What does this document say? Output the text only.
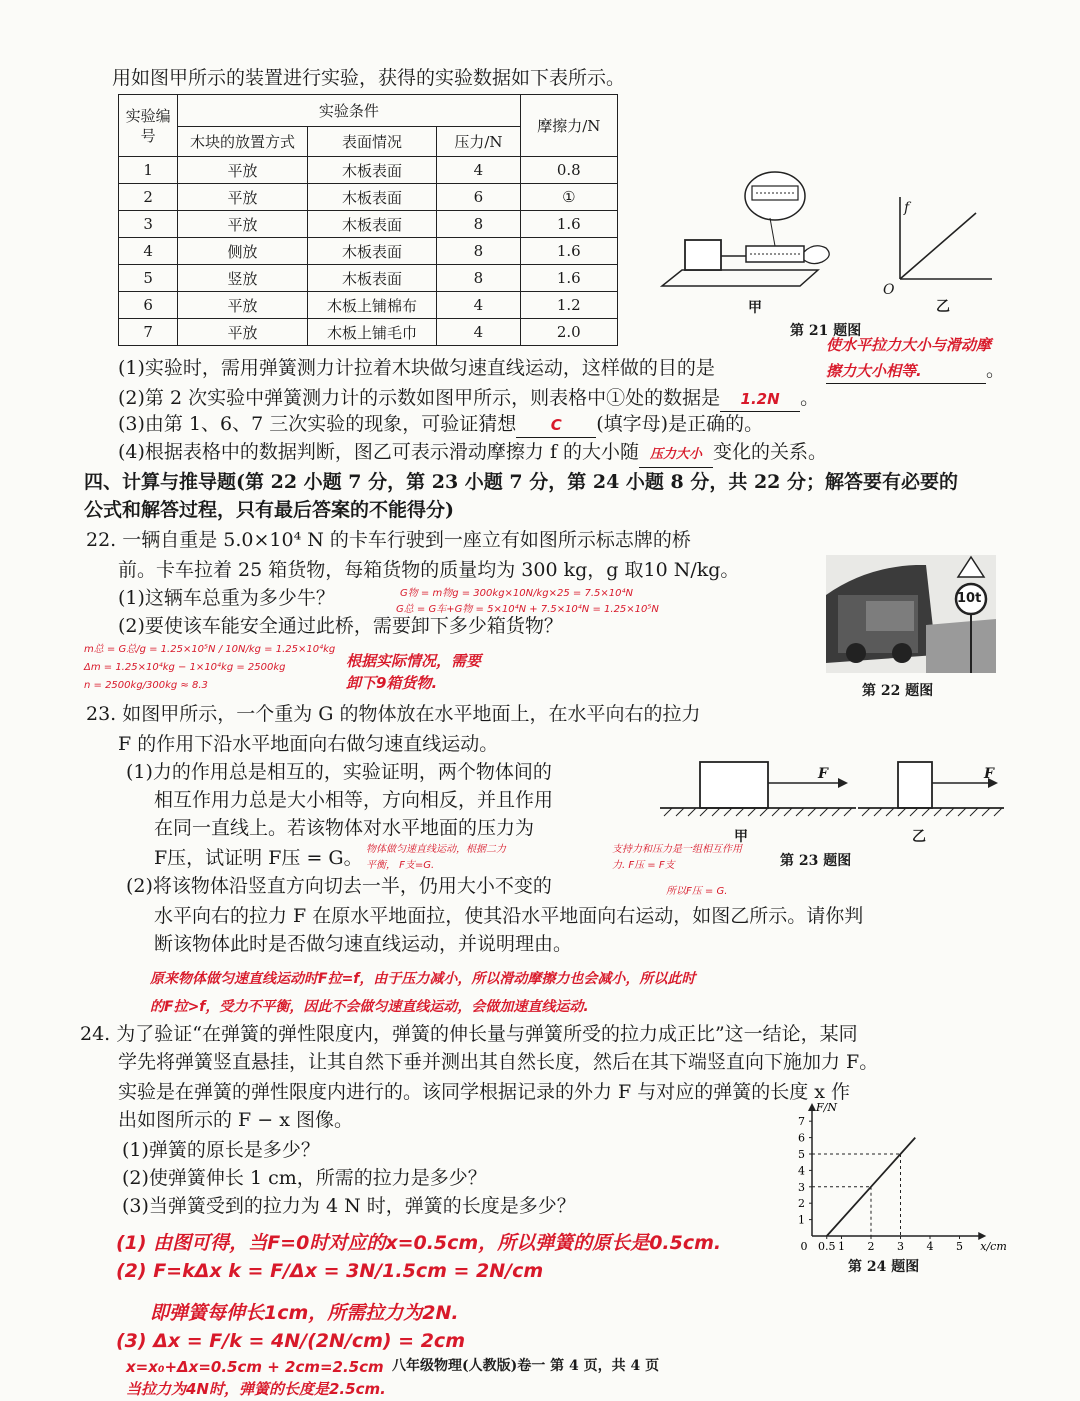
用如图甲所示的装置进行实验，获得的实验数据如下表所示。
实验编号	实验条件			摩擦力/N
	木块的放置方式	表面情况	压力/N	
1	平放	木板表面	4	0.8
2	平放	木板表面	6	①
3	平放	木板表面	8	1.6
4	侧放	木板表面	8	1.6
5	竖放	木板表面	8	1.6
6	平放	木板上铺棉布	4	1.2
7	平放	木板上铺毛巾	4	2.0
甲
f
O
乙
第 21 题图
使水平拉力大小与滑动摩
(1)实验时，需用弹簧测力计拉着木块做匀速直线运动，这样做的目的是	擦力大小相等.	。
(2)第 2 次实验中弹簧测力计的示数如图甲所示，则表格中①处的数据是 1.2N 。
(3)由第 1、6、7 三次实验的现象，可验证猜想 C (填字母)是正确的。
(4)根据表格中的数据判断，图乙可表示滑动摩擦力 f 的大小随 压力大小 变化的关系。
四、计算与推导题(第 22 小题 7 分，第 23 小题 7 分，第 24 小题 8 分，共 22 分；解答要有必要的
公式和解答过程，只有最后答案的不能得分)
22. 一辆自重是 5.0×10⁴ N 的卡车行驶到一座立有如图所示标志牌的桥
前。卡车拉着 25 箱货物，每箱货物的质量均为 300 kg，g 取10 N/kg。
(1)这辆车总重为多少牛？	G物 = m物g = 300kg×10N/kg×25 = 7.5×10⁴N
G总 = G车+G物 = 5×10⁴N + 7.5×10⁴N = 1.25×10⁵N
(2)要使该车能安全通过此桥，需要卸下多少箱货物？
m总 = G总/g = 1.25×10⁵N / 10N/kg = 1.25×10⁴kg
Δm = 1.25×10⁴kg − 1×10⁴kg = 2500kg
n = 2500kg/300kg ≈ 8.3
根据实际情况，需要
卸下9箱货物.
10t
第 22 题图
23. 如图甲所示，一个重为 G 的物体放在水平地面上，在水平向右的拉力
F 的作用下沿水平地面向右做匀速直线运动。
(1)力的作用总是相互的，实验证明，两个物体间的
相互作用力总是大小相等，方向相反，并且作用
在同一直线上。若该物体对水平地面的压力为
F压，试证明 F压 = G。 物体做匀速直线运动，根据二力
平衡， F支=G.
支持力和压力是一组相互作用
力. F压 = F支
所以F压 = G.
(2)将该物体沿竖直方向切去一半，仍用大小不变的
水平向右的拉力 F 在原水平地面拉，使其沿水平地面向右运动，如图乙所示。请你判
断该物体此时是否做匀速直线运动，并说明理由。
原来物体做匀速直线运动时F拉=f，由于压力减小，所以滑动摩擦力也会减小，所以此时
的F拉>f，受力不平衡，因此不会做匀速直线运动，会做加速直线运动.
F
甲
F
乙
第 23 题图
24. 为了验证“在弹簧的弹性限度内，弹簧的伸长量与弹簧所受的拉力成正比”这一结论，某同
学先将弹簧竖直悬挂，让其自然下垂并测出其自然长度，然后在其下端竖直向下施加力 F。
实验是在弹簧的弹性限度内进行的。该同学根据记录的外力 F 与对应的弹簧的长度 x 作
出如图所示的 F − x 图像。
(1)弹簧的原长是多少？
(2)使弹簧伸长 1 cm，所需的拉力是多少？
(3)当弹簧受到的拉力为 4 N 时，弹簧的长度是多少？
(1) 由图可得，当F=0时对应的x=0.5cm，所以弹簧的原长是0.5cm.
(2) F=kΔx k = F/Δx = 3N/1.5cm = 2N/cm
即弹簧每伸长1cm，所需拉力为2N.
(3) Δx = F/k = 4N/(2N/cm) = 2cm
x=x₀+Δx=0.5cm + 2cm=2.5cm
当拉力为4N时，弹簧的长度是2.5cm.
八年级物理(人教版)卷一 第 4 页，共 4 页
1
2
3
4
5
6
7
0 0.5 1 2 3 4 5 x/cm
F/N
第 24 题图
